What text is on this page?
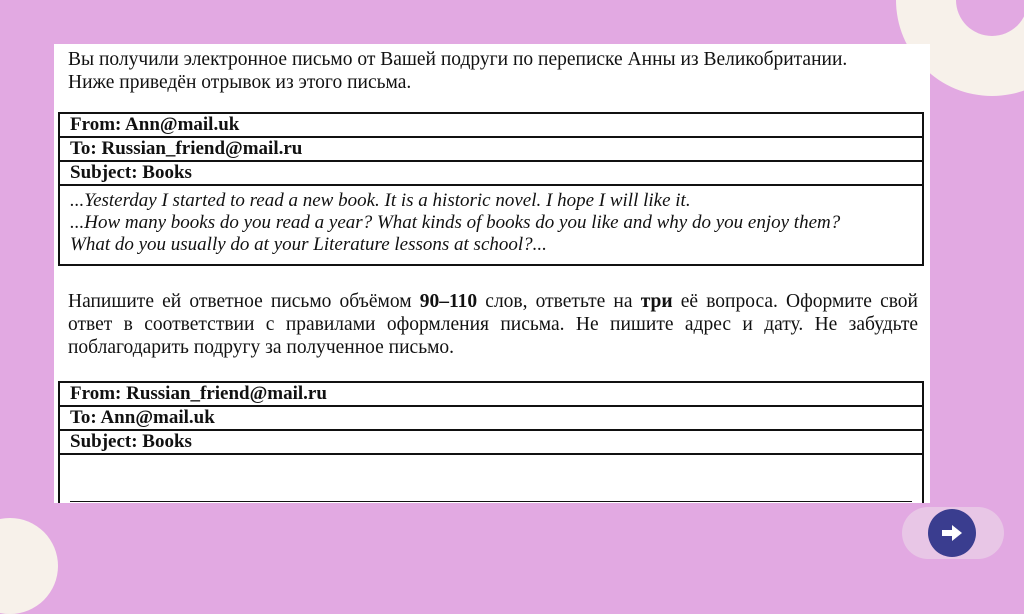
Вы получили электронное письмо от Вашей подруги по переписке Анны из Великобритании.

Ниже приведён отрывок из этого письма.

From: Ann@mail.uk
To: Russian_friend@mail.ru
Subject: Books
...Yesterday I started to read a new book. It is a historic novel. I hope I will like it.
...How many books do you read a year? What kinds of books do you like and why do you enjoy them?
What do you usually do at your Literature lessons at school?...
Напишите ей ответное письмо объёмом 90–110 слов, ответьте на три её вопроса. Оформите свой ответ в соответствии с правилами оформления письма. Не пишите адрес и дату. Не забудьте поблагодарить подругу за полученное письмо.
From: Russian_friend@mail.ru
To: Ann@mail.uk
Subject: Books
